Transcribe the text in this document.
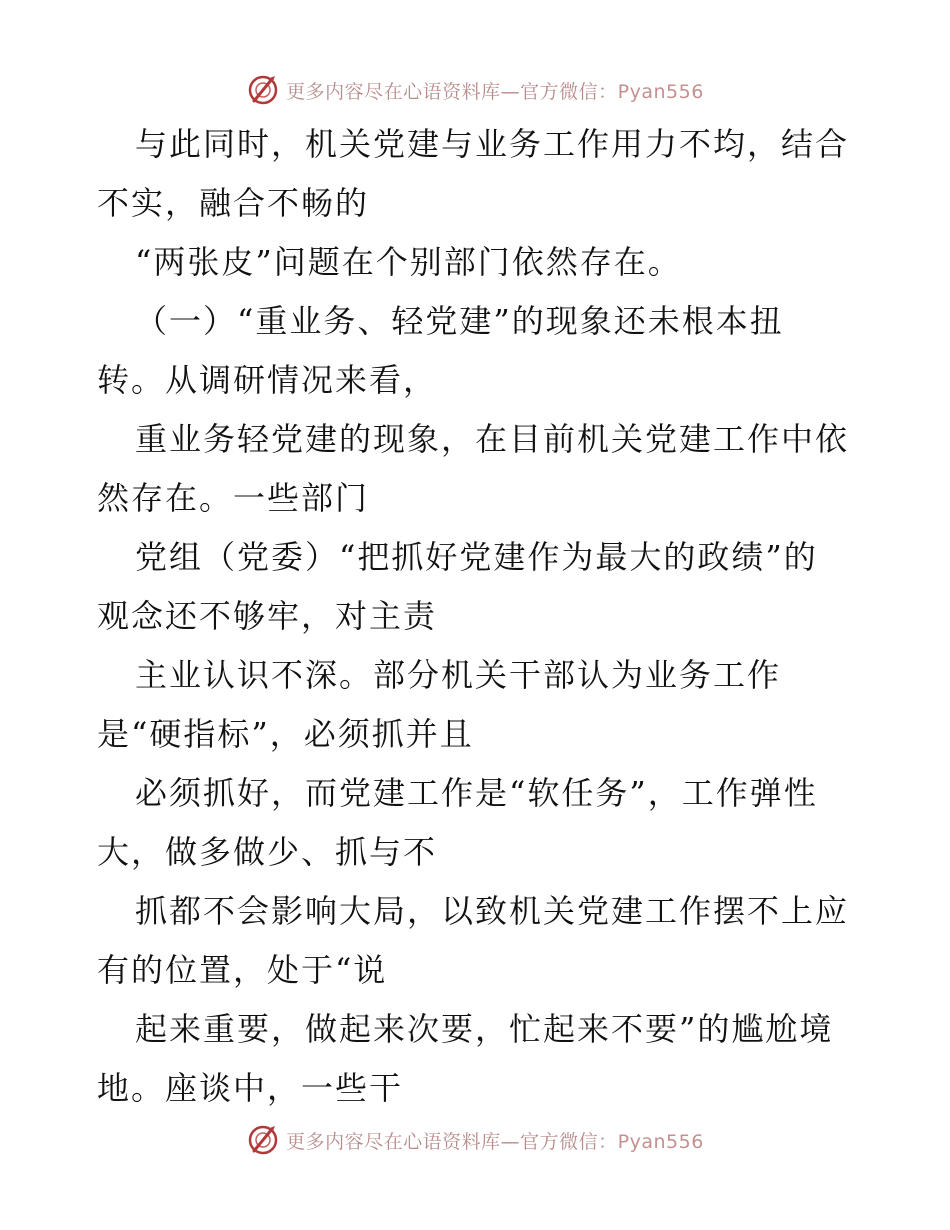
更多内容尽在心语资料库—官方微信：Pyan556
与此同时，机关党建与业务工作用力不均，结合
不实，融合不畅的
“两张皮”问题在个别部门依然存在。
（一）“重业务、轻党建”的现象还未根本扭
转。从调研情况来看，
重业务轻党建的现象，在目前机关党建工作中依
然存在。一些部门
党组（党委）“把抓好党建作为最大的政绩”的
观念还不够牢，对主责
主业认识不深。部分机关干部认为业务工作
是“硬指标”，必须抓并且
必须抓好，而党建工作是“软任务”，工作弹性
大，做多做少、抓与不
抓都不会影响大局，以致机关党建工作摆不上应
有的位置，处于“说
起来重要，做起来次要，忙起来不要”的尴尬境
地。座谈中，一些干
更多内容尽在心语资料库—官方微信：Pyan556
